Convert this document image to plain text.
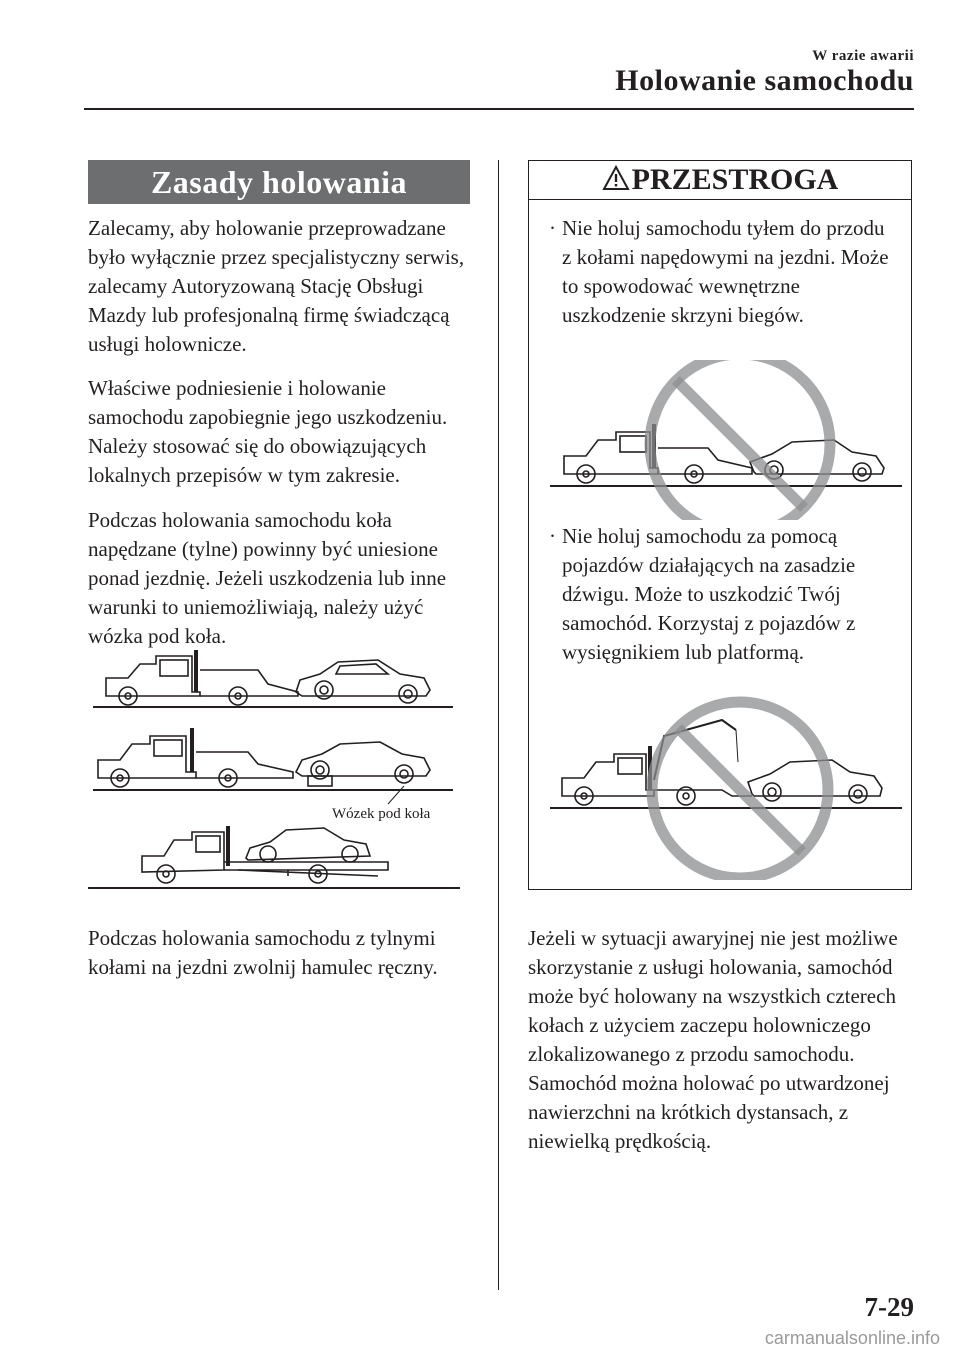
W razie awarii
Holowanie samochodu
Zasady holowania
Zalecamy, aby holowanie przeprowadzane było wyłącznie przez specjalistyczny serwis, zalecamy Autoryzowaną Stację Obsługi Mazdy lub profesjonalną firmę świadczącą usługi holownicze.
Właściwe podniesienie i holowanie samochodu zapobiegnie jego uszkodzeniu. Należy stosować się do obowiązujących lokalnych przepisów w tym zakresie.
Podczas holowania samochodu koła napędzane (tylne) powinny być uniesione ponad jezdnię. Jeżeli uszkodzenia lub inne warunki to uniemożliwiają, należy użyć wózka pod koła.
Wózek pod koła
Podczas holowania samochodu z tylnymi kołami na jezdni zwolnij hamulec ręczny.
PRZESTROGA
· Nie holuj samochodu tyłem do przodu z kołami napędowymi na jezdni. Może to spowodować wewnętrzne uszkodzenie skrzyni biegów.
· Nie holuj samochodu za pomocą pojazdów działających na zasadzie dźwigu. Może to uszkodzić Twój samochód. Korzystaj z pojazdów z wysięgnikiem lub platformą.
Jeżeli w sytuacji awaryjnej nie jest możliwe skorzystanie z usługi holowania, samochód może być holowany na wszystkich czterech kołach z użyciem zaczepu holowniczego zlokalizowanego z przodu samochodu. Samochód można holować po utwardzonej nawierzchni na krótkich dystansach, z niewielką prędkością.
7-29
carmanualsonline.info
